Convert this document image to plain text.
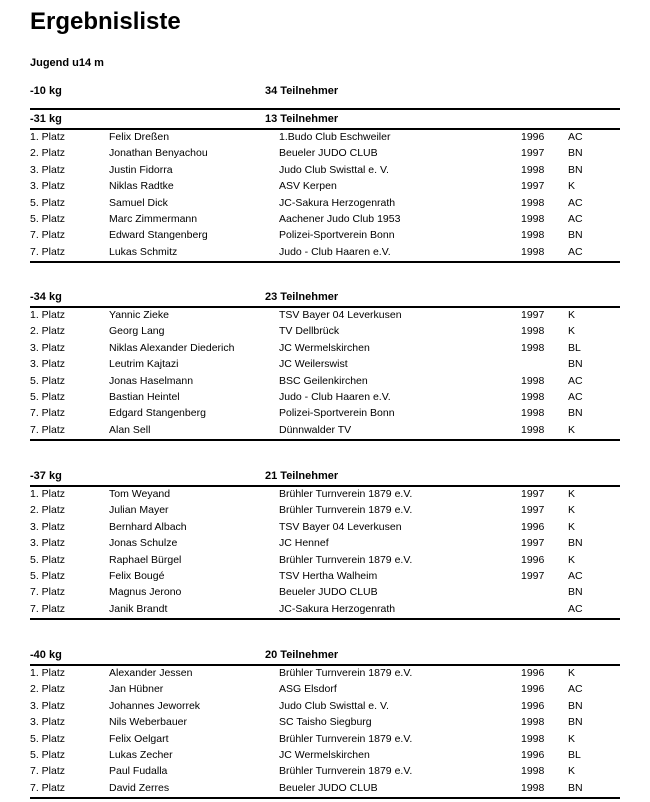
Ergebnisliste
Jugend u14 m
-10 kg	34 Teilnehmer
-31 kg	13 Teilnehmer
1. Platz	Felix Dreßen	1.Budo Club Eschweiler	1996 AC
2. Platz	Jonathan Benyachou	Beueler JUDO CLUB	1997 BN
3. Platz	Justin Fidorra	Judo Club Swisttal e. V.	1998 BN
3. Platz	Niklas Radtke	ASV Kerpen	1997 K
5. Platz	Samuel Dick	JC-Sakura Herzogenrath	1998 AC
5. Platz	Marc Zimmermann	Aachener Judo Club 1953	1998 AC
7. Platz	Edward Stangenberg	Polizei-Sportverein Bonn	1998 BN
7. Platz	Lukas Schmitz	Judo - Club Haaren e.V.	1998 AC
-34 kg	23 Teilnehmer
1. Platz	Yannic Zieke	TSV Bayer 04 Leverkusen	1997 K
2. Platz	Georg Lang	TV Dellbrück	1998 K
3. Platz	Niklas Alexander Diederich	JC Wermelskirchen	1998 BL
3. Platz	Leutrim Kajtazi	JC Weilerswist	BN
5. Platz	Jonas Haselmann	BSC Geilenkirchen	1998 AC
5. Platz	Bastian Heintel	Judo - Club Haaren e.V.	1998 AC
7. Platz	Edgard Stangenberg	Polizei-Sportverein Bonn	1998 BN
7. Platz	Alan Sell	Dünnwalder TV	1998 K
-37 kg	21 Teilnehmer
1. Platz	Tom Weyand	Brühler Turnverein 1879 e.V.	1997 K
2. Platz	Julian Mayer	Brühler Turnverein 1879 e.V.	1997 K
3. Platz	Bernhard Albach	TSV Bayer 04 Leverkusen	1996 K
3. Platz	Jonas Schulze	JC Hennef	1997 BN
5. Platz	Raphael Bürgel	Brühler Turnverein 1879 e.V.	1996 K
5. Platz	Felix Bougé	TSV Hertha Walheim	1997 AC
7. Platz	Magnus Jerono	Beueler JUDO CLUB	BN
7. Platz	Janik Brandt	JC-Sakura Herzogenrath	AC
-40 kg	20 Teilnehmer
1. Platz	Alexander Jessen	Brühler Turnverein 1879 e.V.	1996 K
2. Platz	Jan Hübner	ASG Elsdorf	1996 AC
3. Platz	Johannes Jeworrek	Judo Club Swisttal e. V.	1996 BN
3. Platz	Nils Weberbauer	SC Taisho Siegburg	1998 BN
5. Platz	Felix Oelgart	Brühler Turnverein 1879 e.V.	1998 K
5. Platz	Lukas Zecher	JC Wermelskirchen	1996 BL
7. Platz	Paul Fudalla	Brühler Turnverein 1879 e.V.	1998 K
7. Platz	David Zerres	Beueler JUDO CLUB	1998 BN
